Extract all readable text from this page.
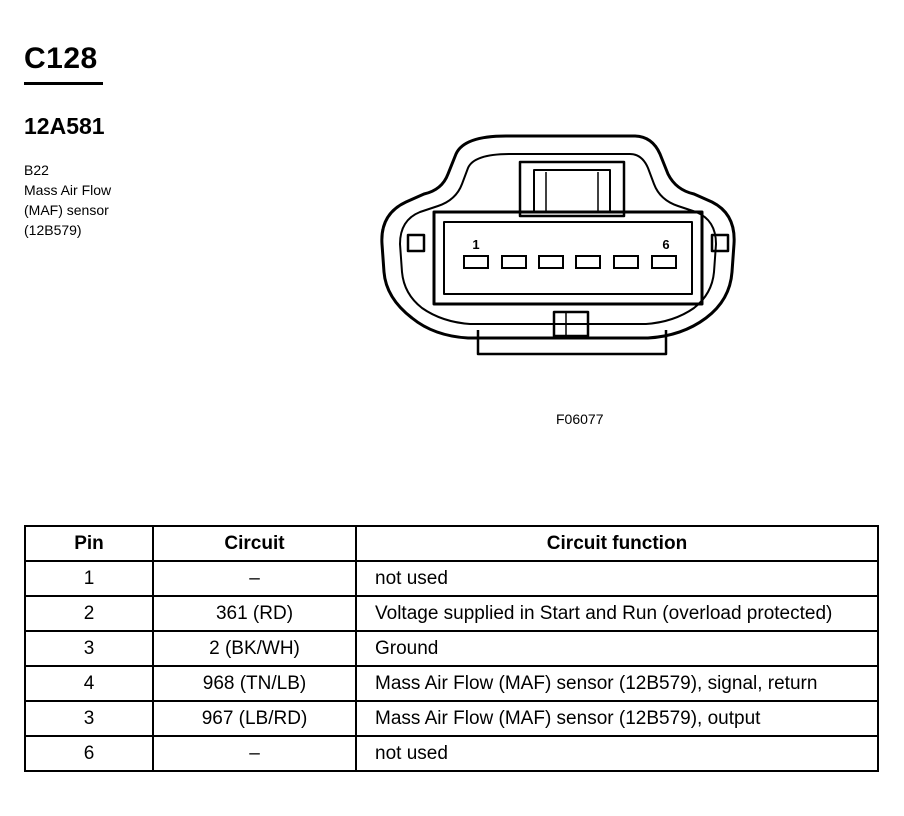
C128
12A581
B22
Mass Air Flow
(MAF) sensor
(12B579)
1	6
F06077
Pin	Circuit	Circuit function
1	–	not used
2	361 (RD)	Voltage supplied in Start and Run (overload protected)
3	2 (BK/WH)	Ground
4	968 (TN/LB)	Mass Air Flow (MAF) sensor (12B579), signal, return
3	967 (LB/RD)	Mass Air Flow (MAF) sensor (12B579), output
6	–	not used
